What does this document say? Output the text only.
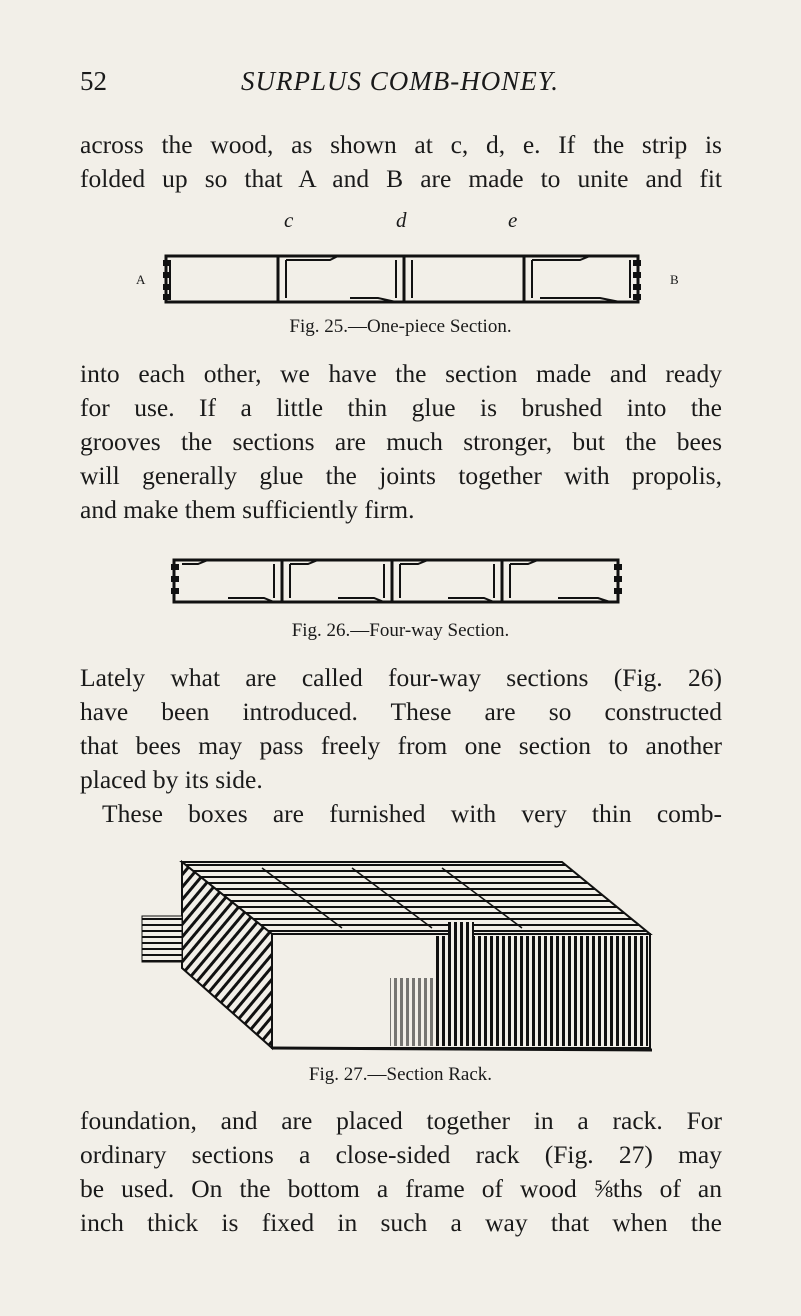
52	SURPLUS COMB-HONEY.

across the wood, as shown at c, d, e. If the strip is
folded up so that A and B are made to unite and fit

c	d	e
A	B

Fig. 25.—One-piece Section.

into each other, we have the section made and ready
for use. If a little thin glue is brushed into the
grooves the sections are much stronger, but the bees
will generally glue the joints together with propolis,
and make them sufficiently firm.

Fig. 26.—Four-way Section.

Lately what are called four-way sections (Fig. 26)
have been introduced. These are so constructed
that bees may pass freely from one section to another
placed by its side.

These boxes are furnished with very thin comb-

Fig. 27.—Section Rack.

foundation, and are placed together in a rack. For
ordinary sections a close-sided rack (Fig. 27) may
be used. On the bottom a frame of wood ⅝ths of an
inch thick is fixed in such a way that when the
